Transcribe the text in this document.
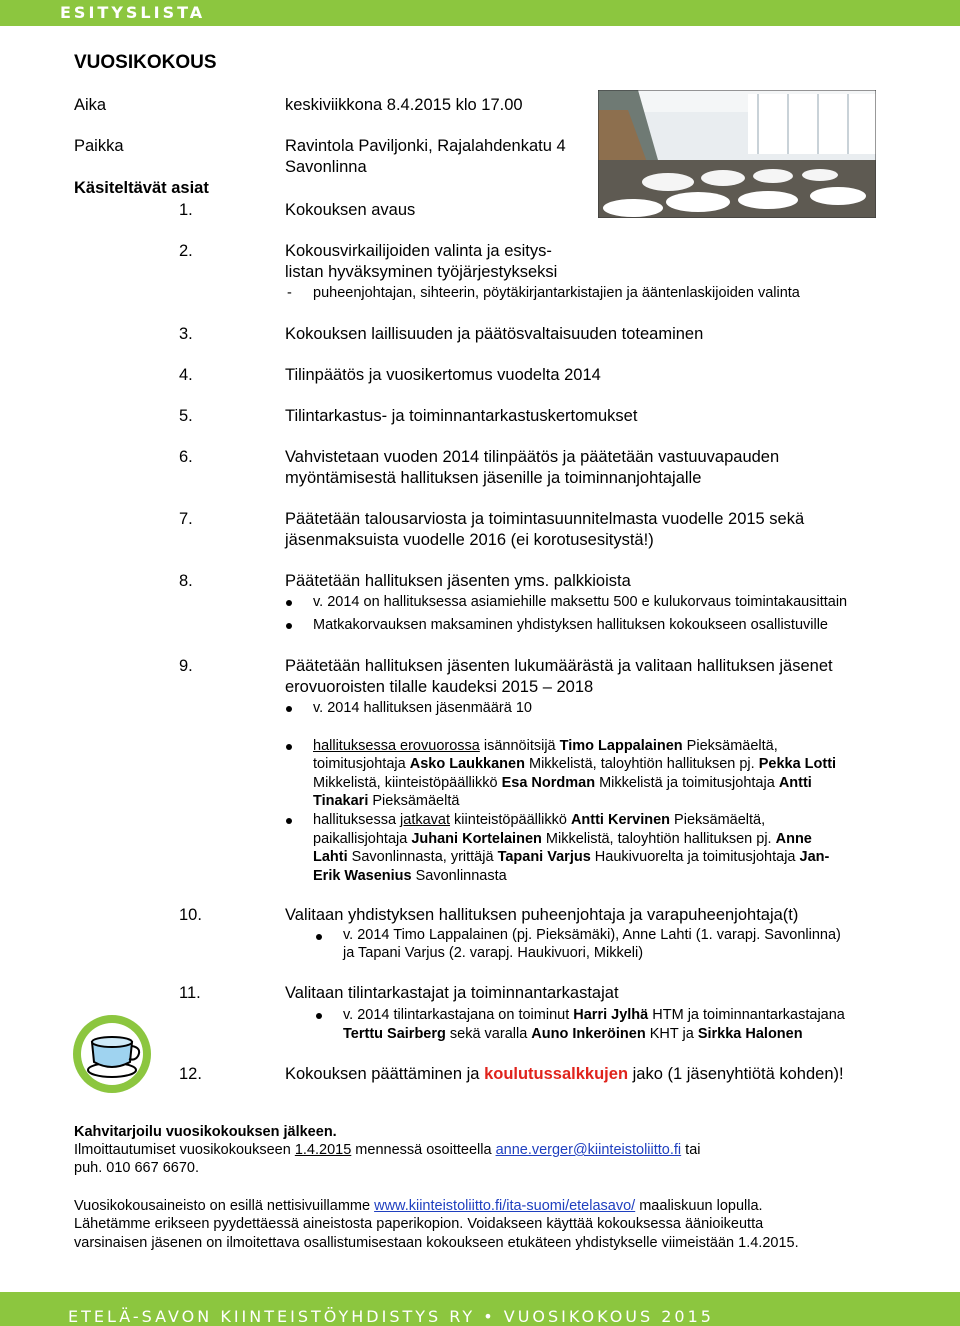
ESITYSLISTA
VUOSIKOKOUS
Aika	keskiviikkona 8.4.2015 klo 17.00
Paikka	Ravintola Paviljonki, Rajalahdenkatu 4
Savonlinna
Käsiteltävät asiat
1.	Kokouksen avaus
2.	Kokousvirkailijoiden valinta ja esitys-
listan hyväksyminen työjärjestykseksi
- puheenjohtajan, sihteerin, pöytäkirjantarkistajien ja ääntenlaskijoiden valinta
3.	Kokouksen laillisuuden ja päätösvaltaisuuden toteaminen
4.	Tilinpäätös ja vuosikertomus vuodelta 2014
5.	Tilintarkastus- ja toiminnantarkastuskertomukset
6.	Vahvistetaan vuoden 2014 tilinpäätös ja päätetään vastuuvapauden
myöntämisestä hallituksen jäsenille ja toiminnanjohtajalle
7.	Päätetään talousarviosta ja toimintasuunnitelmasta vuodelle 2015 sekä
jäsenmaksuista vuodelle 2016 (ei korotusesitystä!)
8.	Päätetään hallituksen jäsenten yms. palkkioista
v. 2014 on hallituksessa asiamiehille maksettu 500 e kulukorvaus toimintakausittain
Matkakorvauksen maksaminen yhdistyksen hallituksen kokoukseen osallistuville
9.	Päätetään hallituksen jäsenten lukumäärästä ja valitaan hallituksen jäsenet
erovuoroisten tilalle kaudeksi 2015 – 2018
v. 2014 hallituksen jäsenmäärä 10
hallituksessa erovuorossa isännöitsijä Timo Lappalainen Pieksämäeltä,
toimitusjohtaja Asko Laukkanen Mikkelistä, taloyhtiön hallituksen pj. Pekka Lotti
Mikkelistä, kiinteistöpäällikkö Esa Nordman Mikkelistä ja toimitusjohtaja Antti
Tinakari Pieksämäeltä
hallituksessa jatkavat kiinteistöpäällikkö Antti Kervinen Pieksämäeltä,
paikallisjohtaja Juhani Kortelainen Mikkelistä, taloyhtiön hallituksen pj. Anne
Lahti Savonlinnasta, yrittäjä Tapani Varjus Haukivuorelta ja toimitusjohtaja Jan-
Erik Wasenius Savonlinnasta
10.	Valitaan yhdistyksen hallituksen puheenjohtaja ja varapuheenjohtaja(t)
v. 2014 Timo Lappalainen (pj. Pieksämäki), Anne Lahti (1. varapj. Savonlinna)
ja Tapani Varjus (2. varapj. Haukivuori, Mikkeli)
11.	Valitaan tilintarkastajat ja toiminnantarkastajat
v. 2014 tilintarkastajana on toiminut Harri Jylhä HTM ja toiminnantarkastajana
Terttu Sairberg sekä varalla Auno Inkeröinen KHT ja Sirkka Halonen
12.	Kokouksen päättäminen ja koulutussalkkujen jako (1 jäsenyhtiötä kohden)!
Kahvitarjoilu vuosikokouksen jälkeen.
Ilmoittautumiset vuosikokoukseen 1.4.2015 mennessä osoitteella anne.verger@kiinteistoliitto.fi tai
puh. 010 667 6670.
Vuosikokousaineisto on esillä nettisivuillamme www.kiinteistoliitto.fi/ita-suomi/etelasavo/ maaliskuun lopulla.
Lähetämme erikseen pyydettäessä aineistosta paperikopion. Voidakseen käyttää kokouksessa äänioikeutta
varsinaisen jäsenen on ilmoitettava osallistumisestaan kokoukseen etukäteen yhdistykselle viimeistään 1.4.2015.
ETELÄ-SAVON KIINTEISTÖYHDISTYS RY • VUOSIKOKOUS 2015
